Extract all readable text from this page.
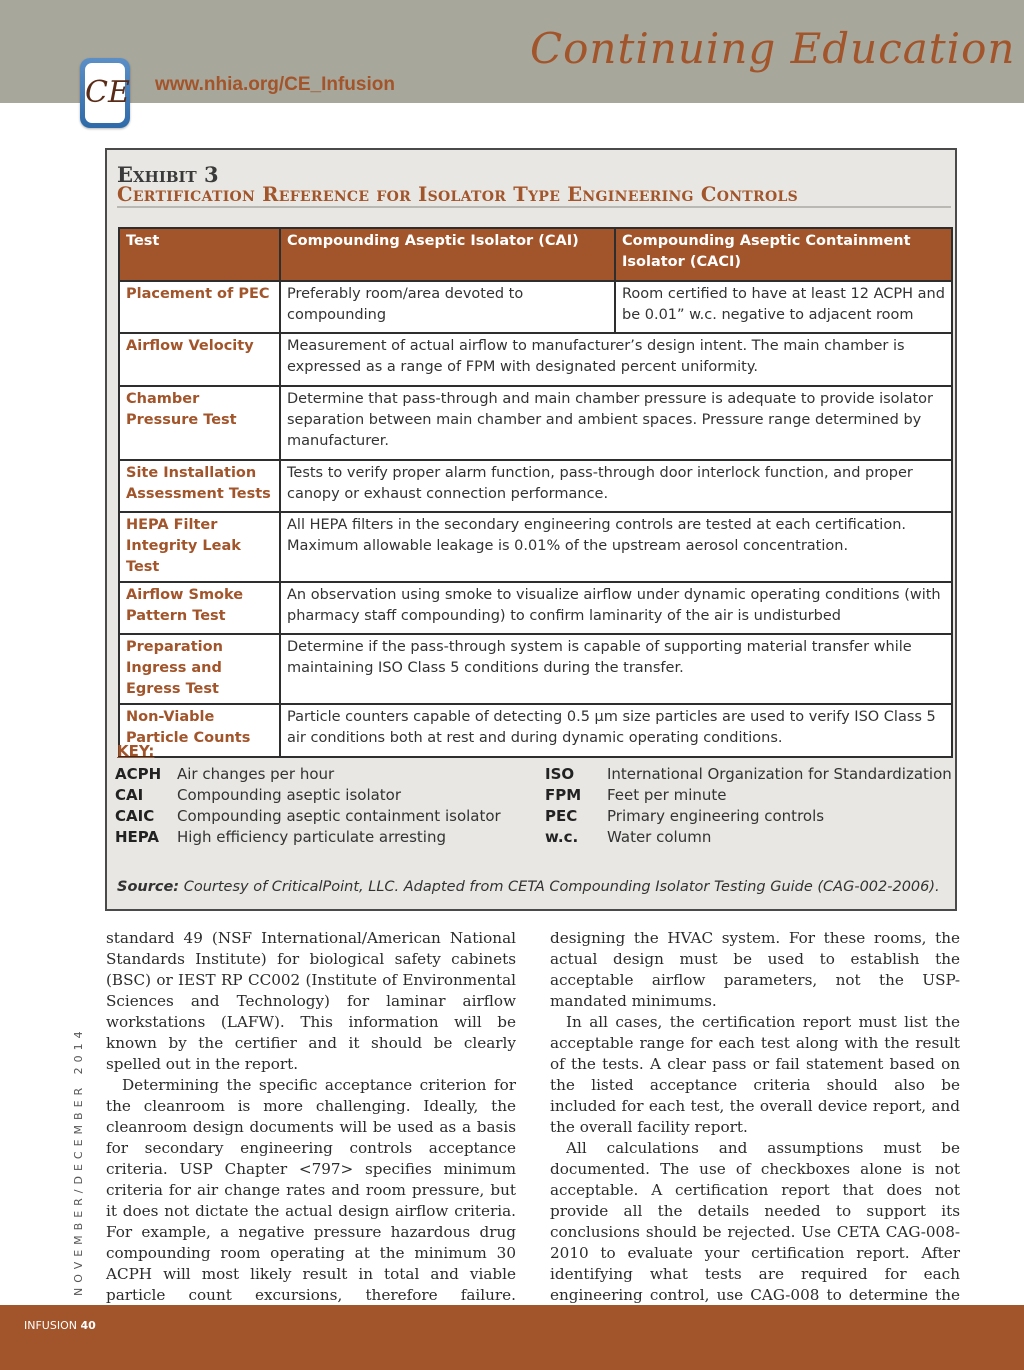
Continuing Education
CE www.nhia.org/CE_Infusion
Exhibit 3
Certification Reference for Isolator Type Engineering Controls
Test	Compounding Aseptic Isolator (CAI)	Compounding Aseptic Containment Isolator (CACI)
Placement of PEC	Preferably room/area devoted to compounding	Room certified to have at least 12 ACPH and be 0.01” w.c. negative to adjacent room
Airflow Velocity	Measurement of actual airflow to manufacturer’s design intent. The main chamber is expressed as a range of FPM with designated percent uniformity.	
Chamber Pressure Test	Determine that pass-through and main chamber pressure is adequate to provide isolator separation between main chamber and ambient spaces. Pressure range determined by manufacturer.	
Site Installation Assessment Tests	Tests to verify proper alarm function, pass-through door interlock function, and proper canopy or exhaust connection performance.	
HEPA Filter Integrity Leak Test	All HEPA filters in the secondary engineering controls are tested at each certification. Maximum allowable leakage is 0.01% of the upstream aerosol concentration.	
Airflow Smoke Pattern Test	An observation using smoke to visualize airflow under dynamic operating conditions (with pharmacy staff compounding) to confirm laminarity of the air is undisturbed	
Preparation Ingress and Egress Test	Determine if the pass-through system is capable of supporting material transfer while maintaining ISO Class 5 conditions during the transfer.	
Non-Viable Particle Counts	Particle counters capable of detecting 0.5 µm size particles are used to verify ISO Class 5 air conditions both at rest and during dynamic operating conditions.	
KEY:
ACPH Air changes per hour
CAI Compounding aseptic isolator
CAIC Compounding aseptic containment isolator
HEPA High efficiency particulate arresting
ISO International Organization for Standardization
FPM Feet per minute
PEC Primary engineering controls
w.c. Water column
Source: Courtesy of CriticalPoint, LLC. Adapted from CETA Compounding Isolator Testing Guide (CAG-002-2006).

standard 49 (NSF International/American National Standards Institute) for biological safety cabinets (BSC) or IEST RP CC002 (Institute of Environmental Sciences and Technology) for laminar airflow workstations (LAFW). This information will be known by the certifier and it should be clearly spelled out in the report.

Determining the specific acceptance criterion for the cleanroom is more challenging. Ideally, the cleanroom design documents will be used as a basis for secondary engineering controls acceptance criteria. USP Chapter <797> specifies minimum criteria for air change rates and room pressure, but it does not dictate the actual design airflow criteria. For example, a negative pressure hazardous drug compounding room operating at the minimum 30 ACPH will most likely result in total and viable particle count excursions, therefore failure.

designing the HVAC system. For these rooms, the actual design must be used to establish the acceptable airflow parameters, not the USP-mandated minimums.

In all cases, the certification report must list the acceptable range for each test along with the result of the tests. A clear pass or fail statement based on the listed acceptance criteria should also be included for each test, the overall device report, and the overall facility report.

All calculations and assumptions must be documented. The use of checkboxes alone is not acceptable. A certification report that does not provide all the details needed to support its conclusions should be rejected. Use CETA CAG-008-2010 to evaluate your certification report. After identifying what tests are required for each engineering control, use CAG-008 to determine the

NOVEMBER/DECEMBER 2014
INFUSION 40
